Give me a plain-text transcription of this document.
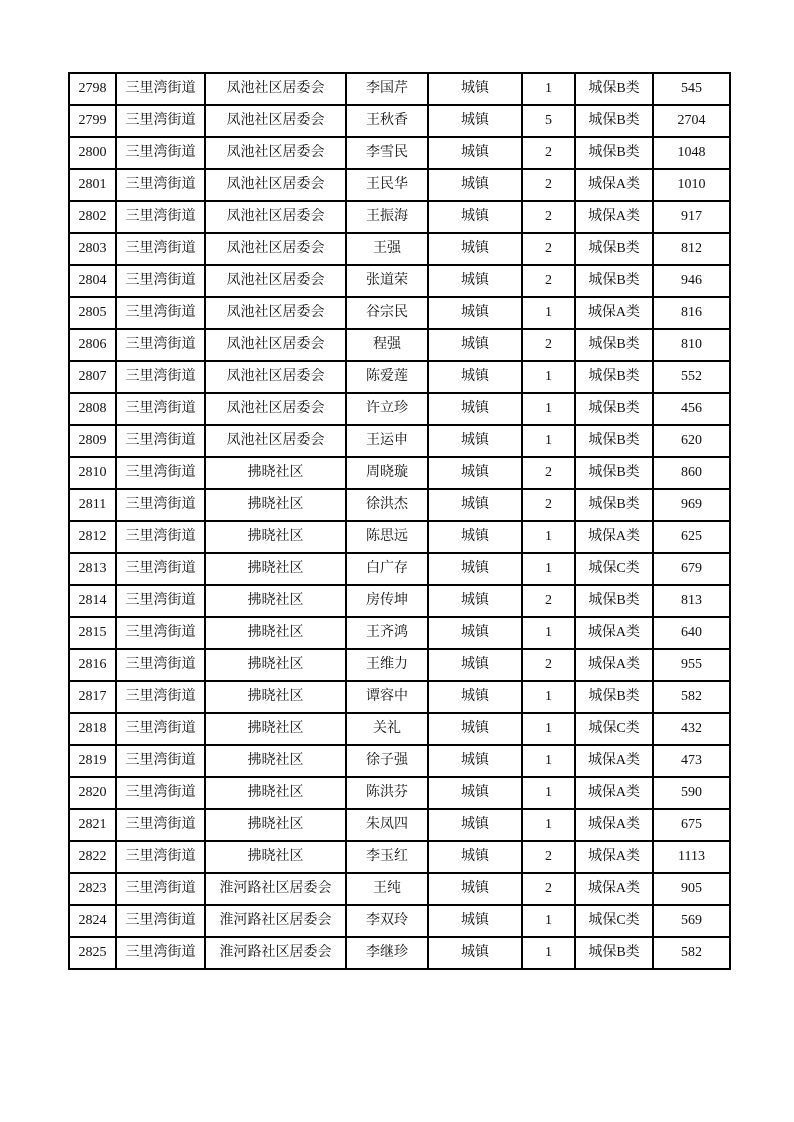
2798	三里湾街道	凤池社区居委会	李国芹	城镇	1	城保B类	545
2799	三里湾街道	凤池社区居委会	王秋香	城镇	5	城保B类	2704
2800	三里湾街道	凤池社区居委会	李雪民	城镇	2	城保B类	1048
2801	三里湾街道	凤池社区居委会	王民华	城镇	2	城保A类	1010
2802	三里湾街道	凤池社区居委会	王振海	城镇	2	城保A类	917
2803	三里湾街道	凤池社区居委会	王强	城镇	2	城保B类	812
2804	三里湾街道	凤池社区居委会	张道荣	城镇	2	城保B类	946
2805	三里湾街道	凤池社区居委会	谷宗民	城镇	1	城保A类	816
2806	三里湾街道	凤池社区居委会	程强	城镇	2	城保B类	810
2807	三里湾街道	凤池社区居委会	陈爱莲	城镇	1	城保B类	552
2808	三里湾街道	凤池社区居委会	许立珍	城镇	1	城保B类	456
2809	三里湾街道	凤池社区居委会	王运申	城镇	1	城保B类	620
2810	三里湾街道	拂晓社区	周晓璇	城镇	2	城保B类	860
2811	三里湾街道	拂晓社区	徐洪杰	城镇	2	城保B类	969
2812	三里湾街道	拂晓社区	陈思远	城镇	1	城保A类	625
2813	三里湾街道	拂晓社区	白广存	城镇	1	城保C类	679
2814	三里湾街道	拂晓社区	房传坤	城镇	2	城保B类	813
2815	三里湾街道	拂晓社区	王齐鸿	城镇	1	城保A类	640
2816	三里湾街道	拂晓社区	王维力	城镇	2	城保A类	955
2817	三里湾街道	拂晓社区	谭容中	城镇	1	城保B类	582
2818	三里湾街道	拂晓社区	关礼	城镇	1	城保C类	432
2819	三里湾街道	拂晓社区	徐子强	城镇	1	城保A类	473
2820	三里湾街道	拂晓社区	陈洪芬	城镇	1	城保A类	590
2821	三里湾街道	拂晓社区	朱凤四	城镇	1	城保A类	675
2822	三里湾街道	拂晓社区	李玉红	城镇	2	城保A类	1113
2823	三里湾街道	淮河路社区居委会	王纯	城镇	2	城保A类	905
2824	三里湾街道	淮河路社区居委会	李双玲	城镇	1	城保C类	569
2825	三里湾街道	淮河路社区居委会	李继珍	城镇	1	城保B类	582
